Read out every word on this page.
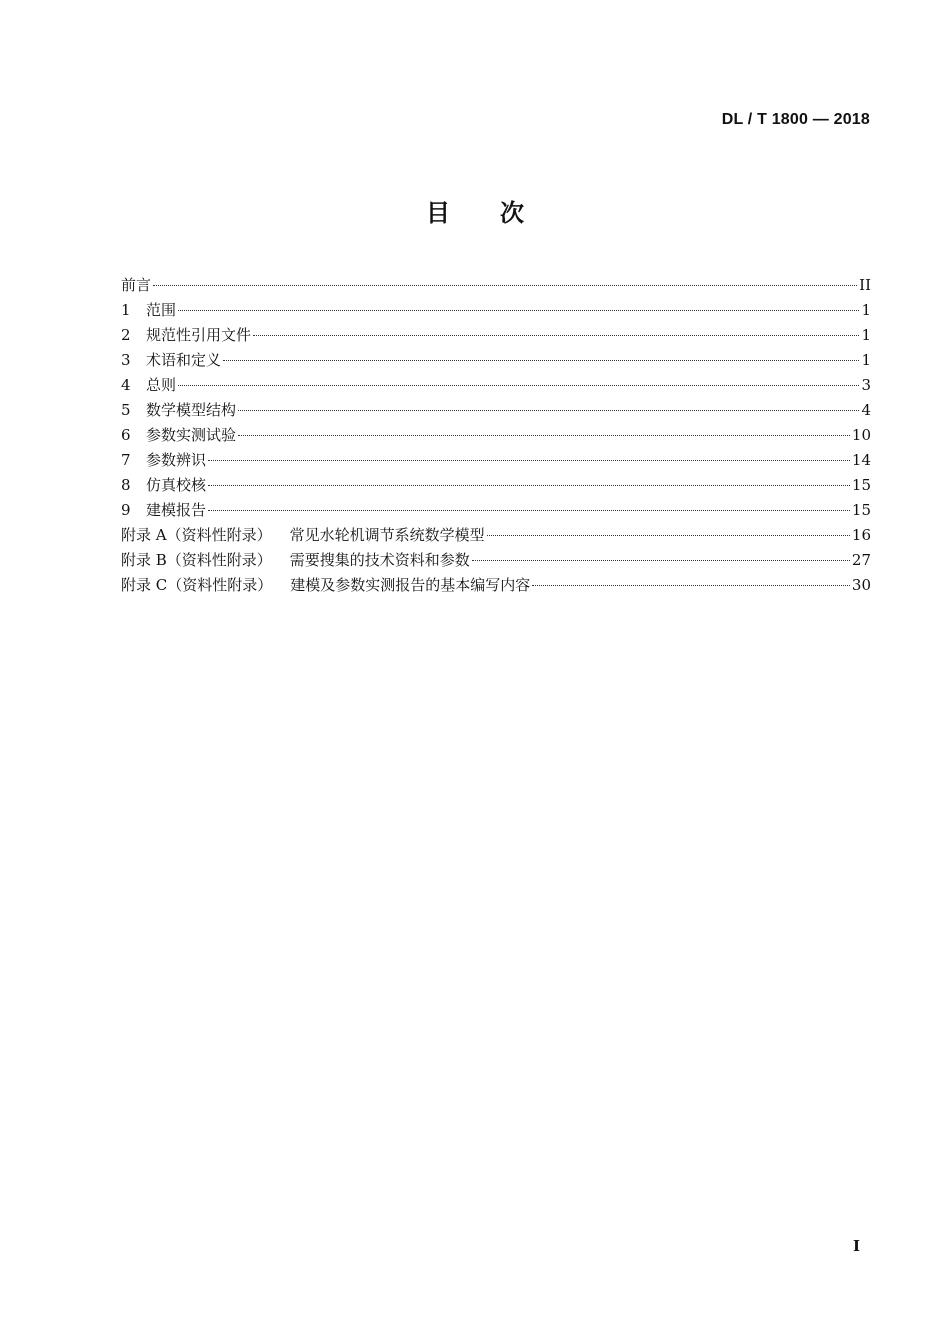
DL / T 1800 — 2018
目次
前言	II
1	范围	1
2	规范性引用文件	1
3	术语和定义	1
4	总则	3
5	数学模型结构	4
6	参数实测试验	10
7	参数辨识	14
8	仿真校核	15
9	建模报告	15
附录 A（资料性附录） 常见水轮机调节系统数学模型	16
附录 B（资料性附录） 需要搜集的技术资料和参数	27
附录 C（资料性附录） 建模及参数实测报告的基本编写内容	30
I
